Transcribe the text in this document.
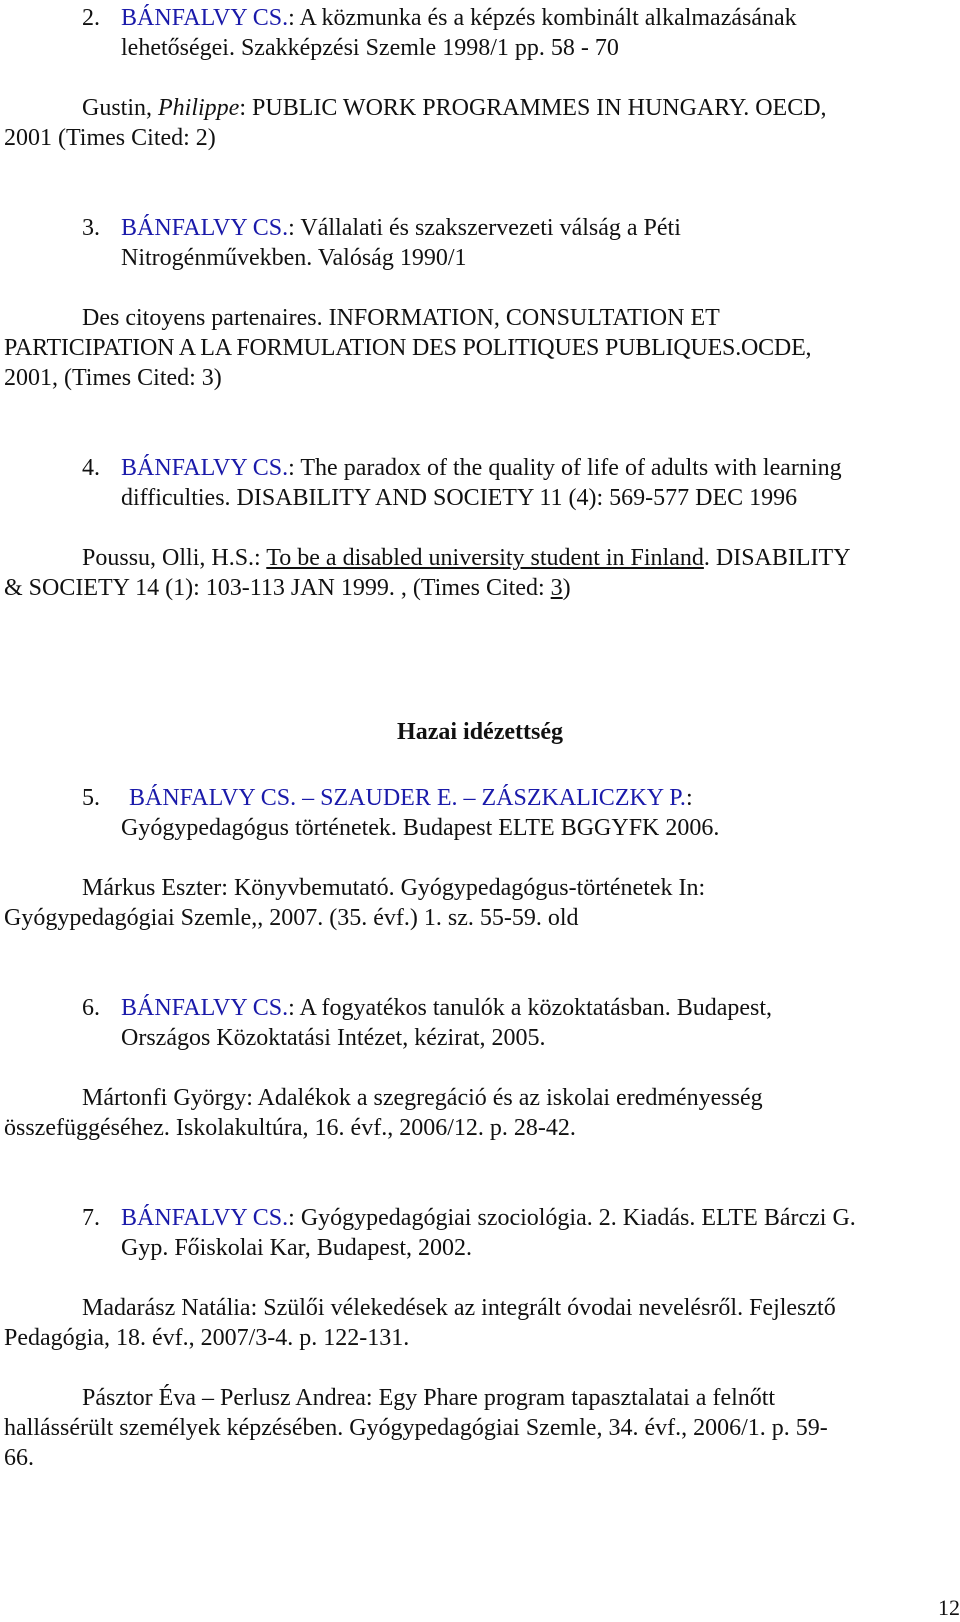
2. BÁNFALVY CS.: A közmunka és a képzés kombinált alkalmazásának
lehetőségei. Szakképzési Szemle 1998/1 pp. 58 - 70
Gustin, Philippe: PUBLIC WORK PROGRAMMES IN HUNGARY. OECD,
2001 (Times Cited: 2)
3. BÁNFALVY CS.: Vállalati és szakszervezeti válság a Péti
Nitrogénművekben. Valóság 1990/1
Des citoyens partenaires. INFORMATION, CONSULTATION ET
PARTICIPATION A LA FORMULATION DES POLITIQUES PUBLIQUES.OCDE,
2001, (Times Cited: 3)
4. BÁNFALVY CS.: The paradox of the quality of life of adults with learning
difficulties. DISABILITY AND SOCIETY 11 (4): 569-577 DEC 1996
Poussu, Olli, H.S.: To be a disabled university student in Finland. DISABILITY
& SOCIETY 14 (1): 103-113 JAN 1999. , (Times Cited: 3)
Hazai idézettség
5. BÁNFALVY CS. – SZAUDER E. – ZÁSZKALICZKY P.:
Gyógypedagógus történetek. Budapest ELTE BGGYFK 2006.
Márkus Eszter: Könyvbemutató. Gyógypedagógus-történetek In:
Gyógypedagógiai Szemle,, 2007. (35. évf.) 1. sz. 55-59. old
6. BÁNFALVY CS.: A fogyatékos tanulók a közoktatásban. Budapest,
Országos Közoktatási Intézet, kézirat, 2005.
Mártonfi György: Adalékok a szegregáció és az iskolai eredményesség
összefüggéséhez. Iskolakultúra, 16. évf., 2006/12. p. 28-42.
7. BÁNFALVY CS.: Gyógypedagógiai szociológia. 2. Kiadás. ELTE Bárczi G.
Gyp. Főiskolai Kar, Budapest, 2002.
Madarász Natália: Szülői vélekedések az integrált óvodai nevelésről. Fejlesztő
Pedagógia, 18. évf., 2007/3-4. p. 122-131.
Pásztor Éva – Perlusz Andrea: Egy Phare program tapasztalatai a felnőtt
hallássérült személyek képzésében. Gyógypedagógiai Szemle, 34. évf., 2006/1. p. 59-
66.
12
